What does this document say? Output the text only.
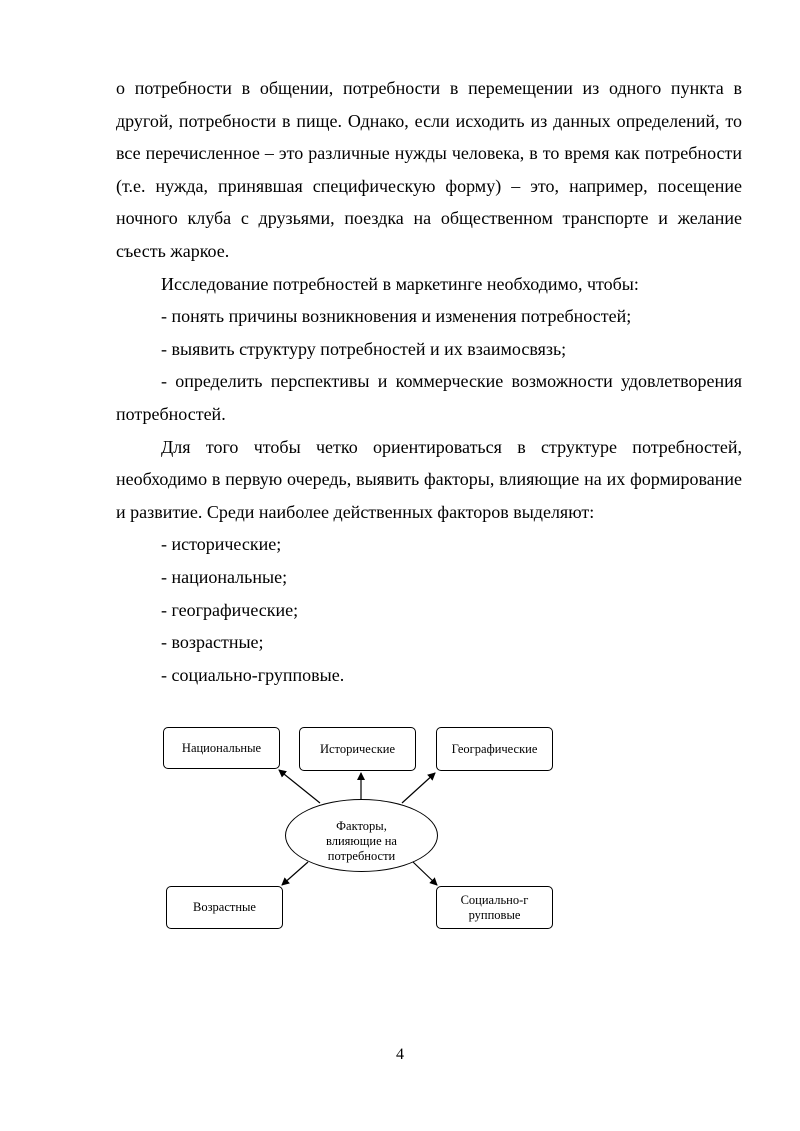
о потребности в общении, потребности в перемещении из одного пункта в другой, потребности в пище. Однако, если исходить из данных определений, то все перечисленное – это различные нужды человека, в то время как потребности (т.е. нужда, принявшая специфическую форму) – это, например, посещение ночного клуба с друзьями, поездка на общественном транспорте и желание съесть жаркое.

Исследование потребностей в маркетинге необходимо, чтобы:

- понять причины возникновения и изменения потребностей;

- выявить структуру потребностей и их взаимосвязь;

- определить перспективы и коммерческие возможности удовлетворения потребностей.

Для того чтобы четко ориентироваться в структуре потребностей, необходимо в первую очередь, выявить факторы, влияющие на их формирование и развитие. Среди наиболее действенных факторов выделяют:

- исторические;

- национальные;

- географические;

- возрастные;

- социально-групповые.

Национальные	Исторические	Географические
Факторы, влияющие на потребности
Возрастные
Социально-групповые
4
